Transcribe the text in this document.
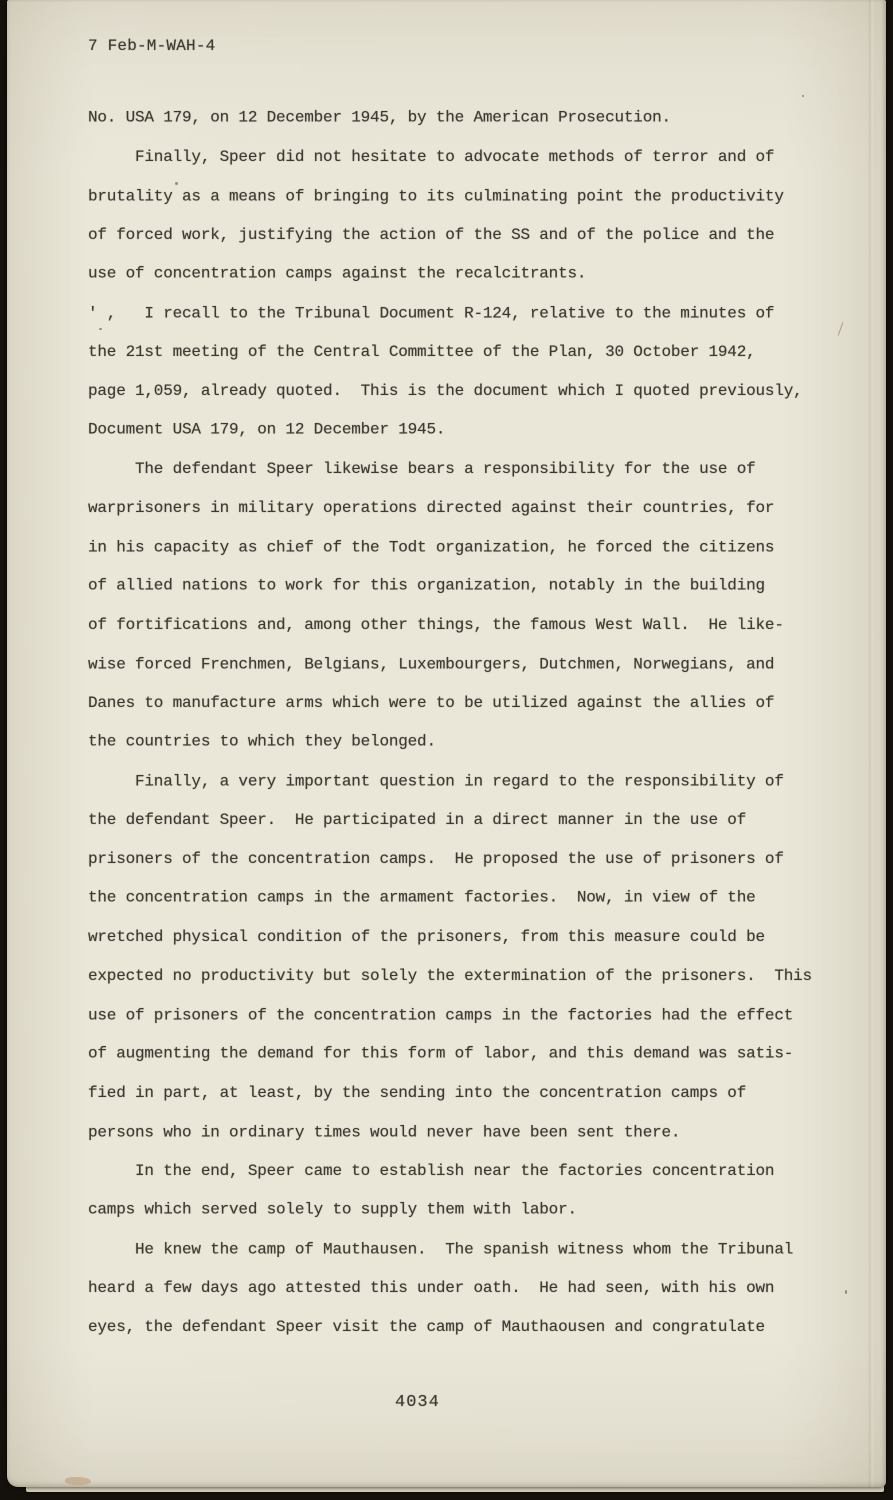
7 Feb-M-WAH-4
No. USA 179, on 12 December 1945, by the American Prosecution.
Finally, Speer did not hesitate to advocate methods of terror and of
brutality as a means of bringing to its culminating point the productivity
of forced work, justifying the action of the SS and of the police and the
use of concentration camps against the recalcitrants.
' ,   I recall to the Tribunal Document R-124, relative to the minutes of
the 21st meeting of the Central Committee of the Plan, 30 October 1942,
page 1,059, already quoted.  This is the document which I quoted previously,
Document USA 179, on 12 December 1945.
The defendant Speer likewise bears a responsibility for the use of
warprisoners in military operations directed against their countries, for
in his capacity as chief of the Todt organization, he forced the citizens
of allied nations to work for this organization, notably in the building
of fortifications and, among other things, the famous West Wall.  He like-
wise forced Frenchmen, Belgians, Luxembourgers, Dutchmen, Norwegians, and
Danes to manufacture arms which were to be utilized against the allies of
the countries to which they belonged.
Finally, a very important question in regard to the responsibility of
the defendant Speer.  He participated in a direct manner in the use of
prisoners of the concentration camps.  He proposed the use of prisoners of
the concentration camps in the armament factories.  Now, in view of the
wretched physical condition of the prisoners, from this measure could be
expected no productivity but solely the extermination of the prisoners.  This
use of prisoners of the concentration camps in the factories had the effect
of augmenting the demand for this form of labor, and this demand was satis-
fied in part, at least, by the sending into the concentration camps of
persons who in ordinary times would never have been sent there.
In the end, Speer came to establish near the factories concentration
camps which served solely to supply them with labor.
He knew the camp of Mauthausen.  The spanish witness whom the Tribunal
heard a few days ago attested this under oath.  He had seen, with his own
eyes, the defendant Speer visit the camp of Mauthaousen and congratulate
4034
